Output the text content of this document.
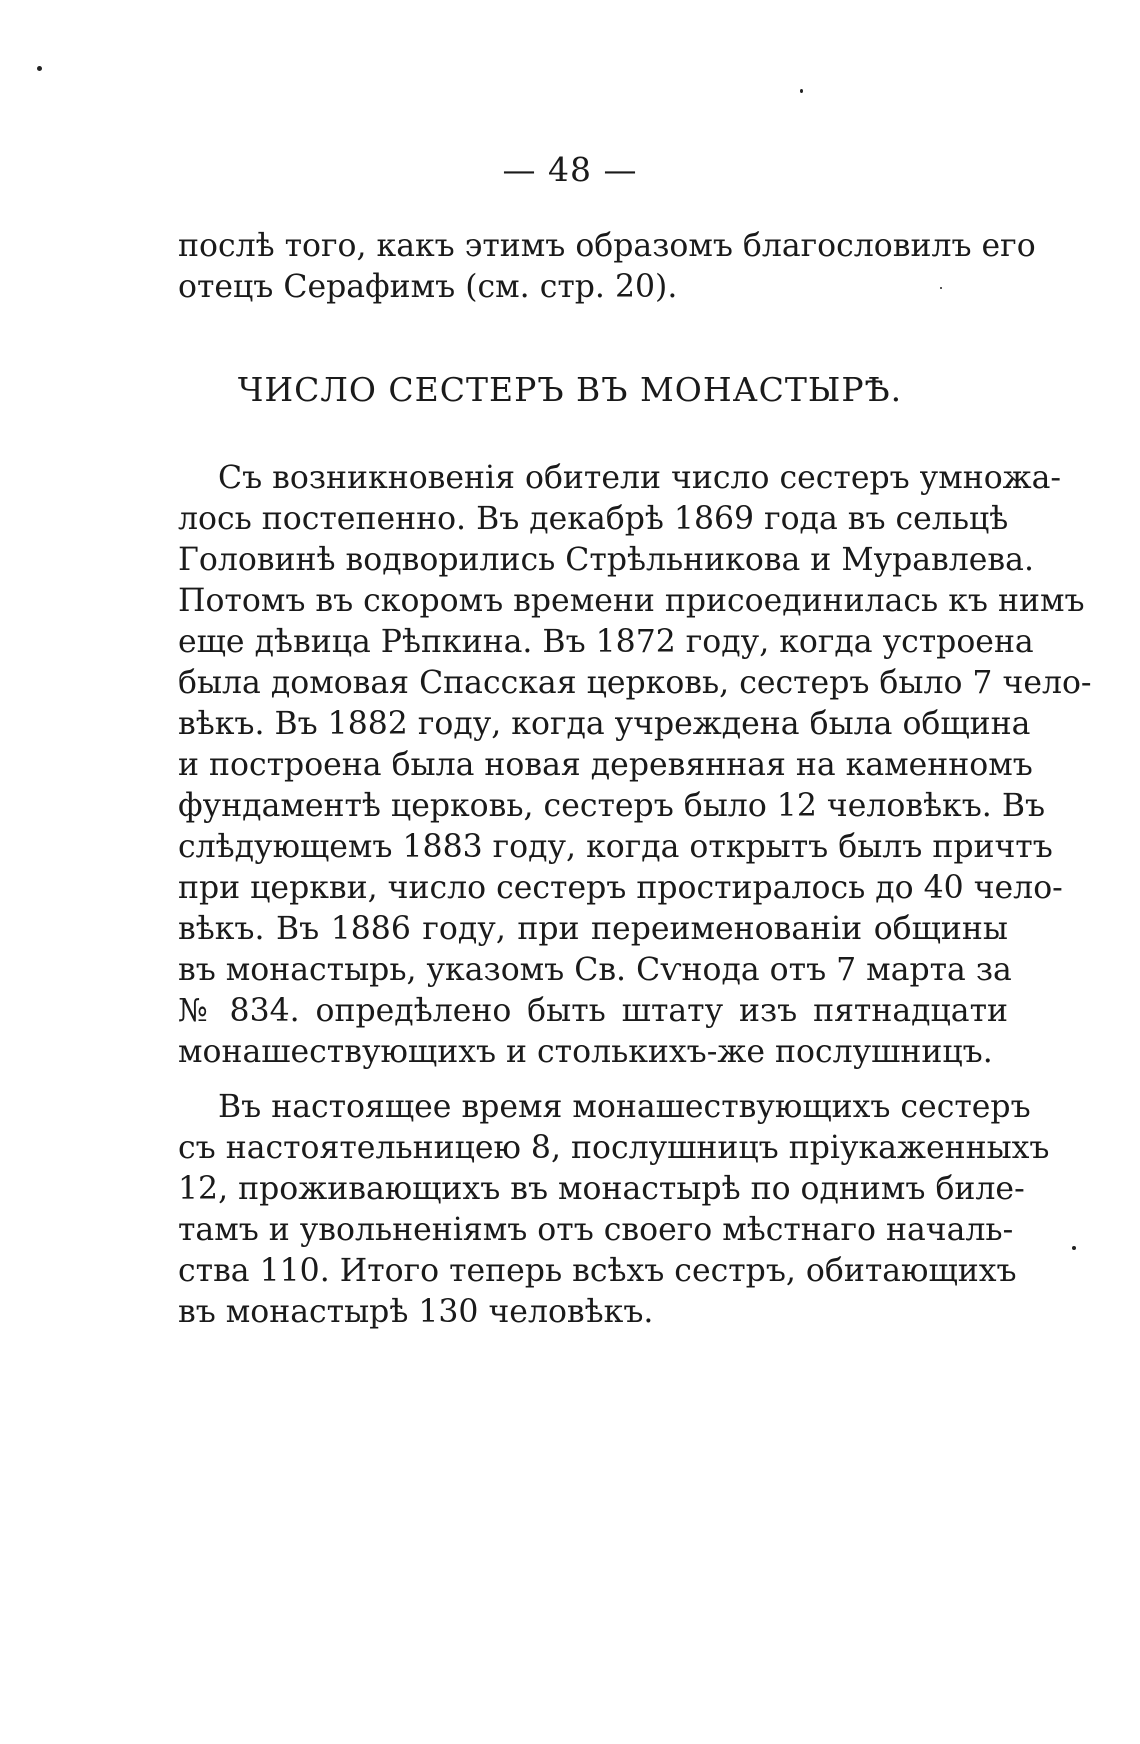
— 48 —
послѣ того, какъ этимъ образомъ благословилъ его
отецъ Серафимъ (см. стр. 20).
ЧИСЛО СЕСТЕРЪ ВЪ МОНАСТЫРѢ.
Съ возникновенія обители число сестеръ умножа-
лось постепенно. Въ декабрѣ 1869 года въ сельцѣ
Головинѣ водворились Стрѣльникова и Муравлева.
Потомъ въ скоромъ времени присоединилась къ нимъ
еще дѣвица Рѣпкина. Въ 1872 году, когда устроена
была домовая Спасская церковь, сестеръ было 7 чело-
вѣкъ. Въ 1882 году, когда учреждена была община
и построена была новая деревянная на каменномъ
фундаментѣ церковь, сестеръ было 12 человѣкъ. Въ
слѣдующемъ 1883 году, когда открытъ былъ причтъ
при церкви, число сестеръ простиралось до 40 чело-
вѣкъ. Въ 1886 году, при переименованіи общины
въ монастырь, указомъ Св. Сѵнода отъ 7 марта за
№ 834. опредѣлено быть штату изъ пятнадцати
монашествующихъ и столькихъ-же послушницъ.
Въ настоящее время монашествующихъ сестеръ
съ настоятельницею 8, послушницъ пріукаженныхъ
12, проживающихъ въ монастырѣ по однимъ биле-
тамъ и увольненіямъ отъ своего мѣстнаго началь-
ства 110. Итого теперь всѣхъ сестръ, обитающихъ
въ монастырѣ 130 человѣкъ.
